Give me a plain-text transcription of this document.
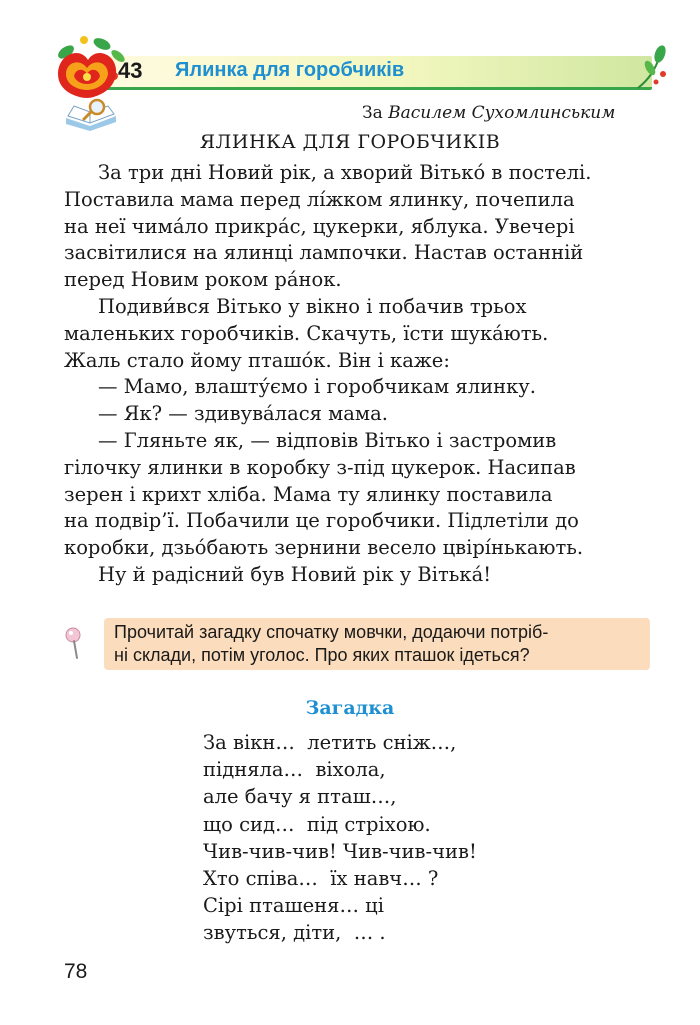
43 Ялинка для горобчиків
За Василем Сухомлинським
ЯЛИНКА ДЛЯ ГОРОБЧИКІВ

За три дні Новий рік, а хворий Вітько́ в постелі.
Поставила мама перед лі́жком ялинку, почепила
на неї чима́ло прикра́с, цукерки, яблука. Увечері
засвітилися на ялинці лампочки. Настав останній
перед Новим роком ра́нок.

Подиви́вся Вітько у вікно і побачив трьох
маленьких горобчиків. Скачуть, їсти шука́ють.
Жаль стало йому пташо́к. Він і каже:

— Мамо, влашту́ємо і горобчикам ялинку.

— Як? — здивува́лася мама.

— Гляньте як, — відповів Вітько і застромив
гілочку ялинки в коробку з-під цукерок. Насипав
зерен і крихт хліба. Мама ту ялинку поставила
на подвір’ї. Побачили це горобчики. Підлетіли до
коробки, дзьо́бають зернини весело цвірі́нькають.

Ну й радісний був Новий рік у Вітька́!

Прочитай загадку спочатку мовчки, додаючи потріб-
ні склади, потім уголос. Про яких пташок ідеться?
Загадка
За вікн…  летить сніж…,
підняла…  віхола,
але бачу я пташ…,
що сид…  під стріхою.
Чив-чив-чив! Чив-чив-чив!
Хто співа…  їх навч… ?
Сірі пташеня… ці
звуться, діти,  … .
78
